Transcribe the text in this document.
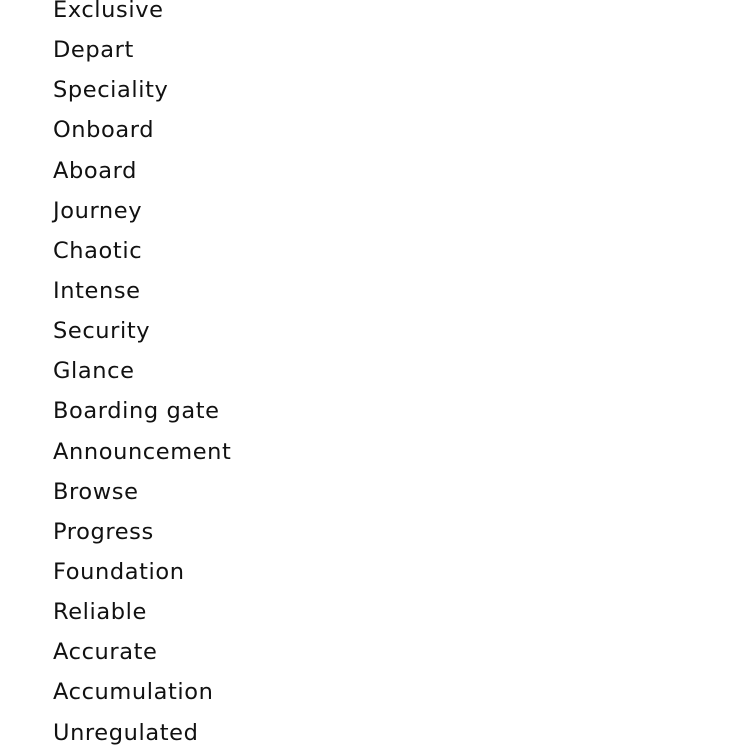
Exclusive
Depart
Speciality
Onboard
Aboard
Journey
Chaotic
Intense
Security
Glance
Boarding gate
Announcement
Browse
Progress
Foundation
Reliable
Accurate
Accumulation
Unregulated
